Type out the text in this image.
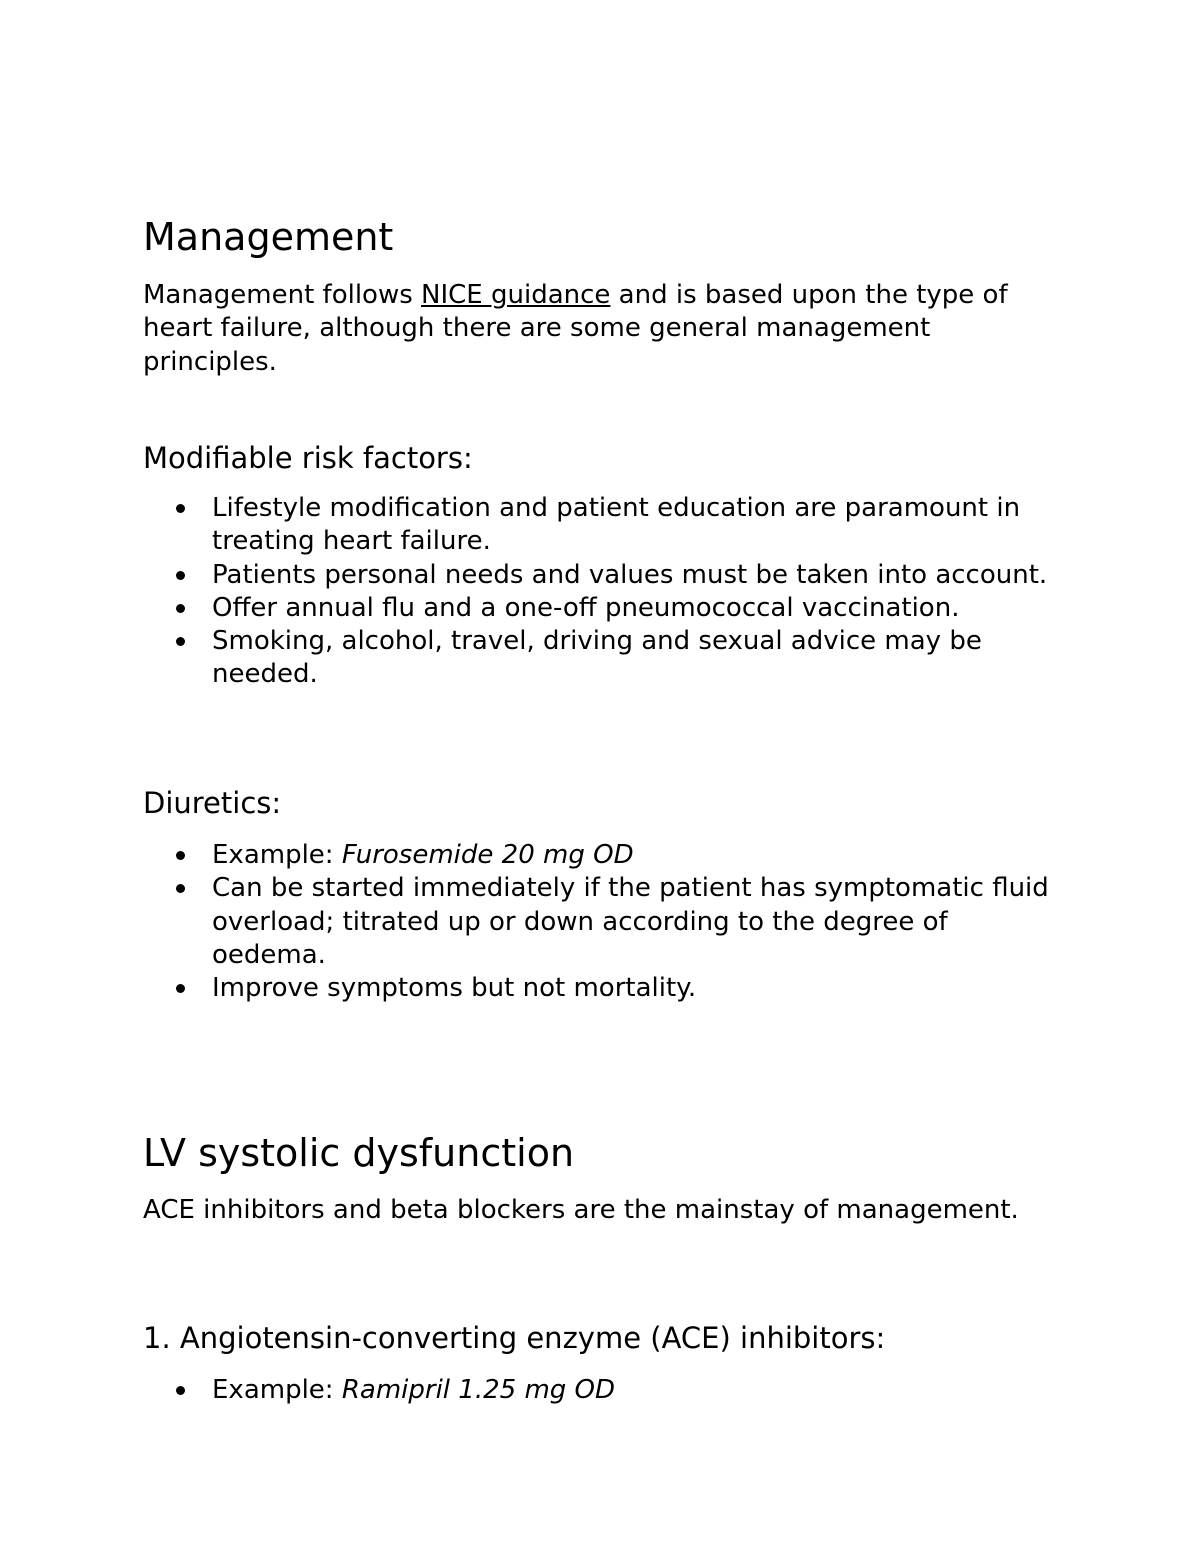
Management

Management follows NICE guidance and is based upon the type of heart failure, although there are some general management principles.

Modifiable risk factors:
Lifestyle modification and patient education are paramount in treating heart failure.
Patients personal needs and values must be taken into account.
Offer annual flu and a one-off pneumococcal vaccination.
Smoking, alcohol, travel, driving and sexual advice may be needed.
Diuretics:
Example: Furosemide 20 mg OD
Can be started immediately if the patient has symptomatic fluid overload; titrated up or down according to the degree of oedema.
Improve symptoms but not mortality.
LV systolic dysfunction

ACE inhibitors and beta blockers are the mainstay of management.

1. Angiotensin-converting enzyme (ACE) inhibitors:
Example: Ramipril 1.25 mg OD
